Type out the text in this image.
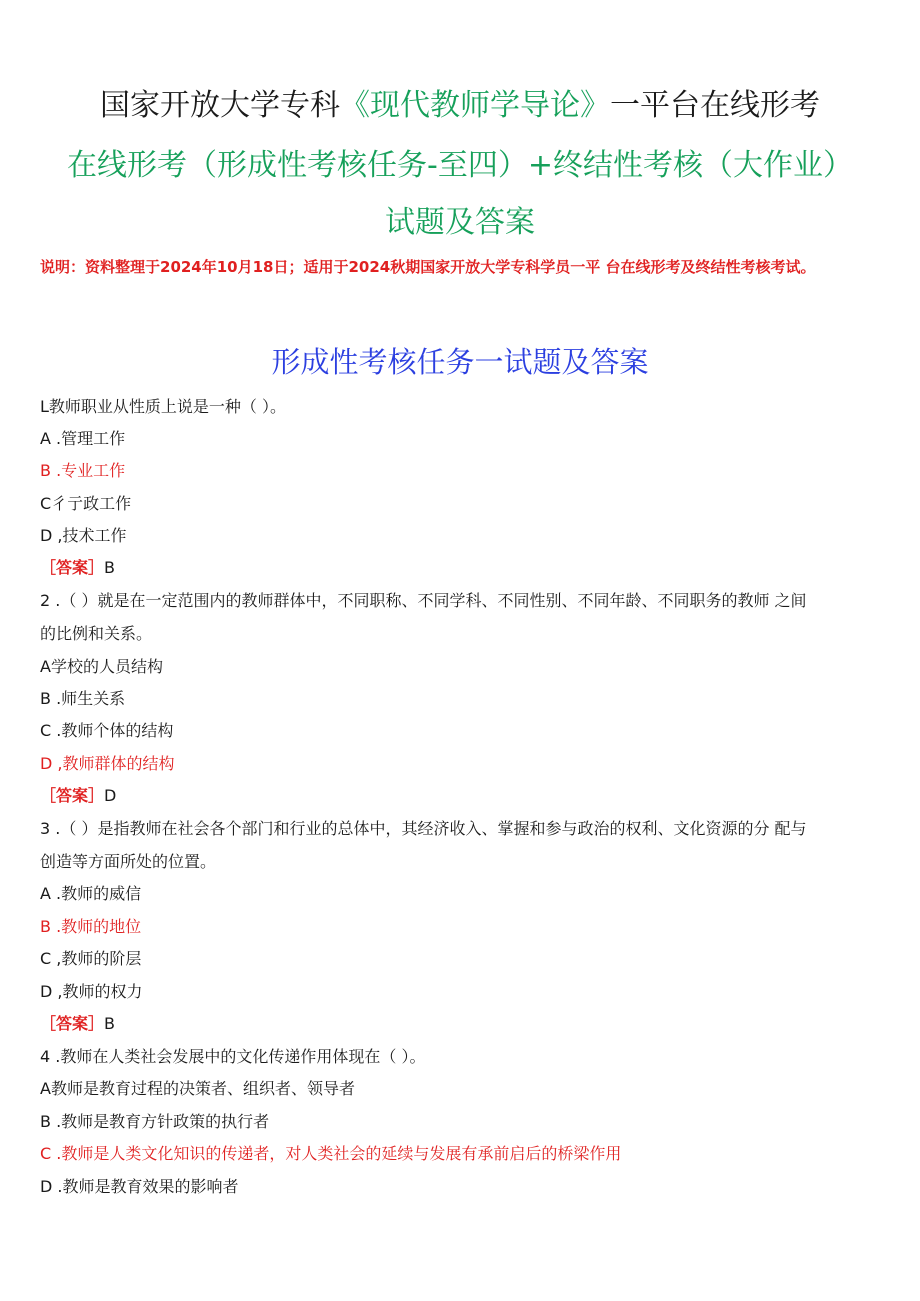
国家开放大学专科《现代教师学导论》一平台在线形考
在线形考（形成性考核任务-至四）+终结性考核（大作业）
试题及答案
说明：资料整理于2024年10月18日；适用于2024秋期国家开放大学专科学员一平 台在线形考及终结性考核考试。
形成性考核任务一试题及答案
L教师职业从性质上说是一种（ ）。
A .管理工作
B .专业工作
C彳亍政工作
D ,技术工作
［答案］B
2 .（ ）就是在一定范围内的教师群体中，不同职称、不同学科、不同性别、不同年龄、不同职务的教师 之间
的比例和关系。
A学校的人员结构
B .师生关系
C .教师个体的结构
D ,教师群体的结构
［答案］D
3 .（ ）是指教师在社会各个部门和行业的总体中，其经济收入、掌握和参与政治的权利、文化资源的分 配与
创造等方面所处的位置。
A .教师的威信
B .教师的地位
C ,教师的阶层
D ,教师的权力
［答案］B
4 .教师在人类社会发展中的文化传递作用体现在（ ）。
A教师是教育过程的决策者、组织者、领导者
B .教师是教育方针政策的执行者
C .教师是人类文化知识的传递者，对人类社会的延续与发展有承前启后的桥梁作用
D .教师是教育效果的影响者
